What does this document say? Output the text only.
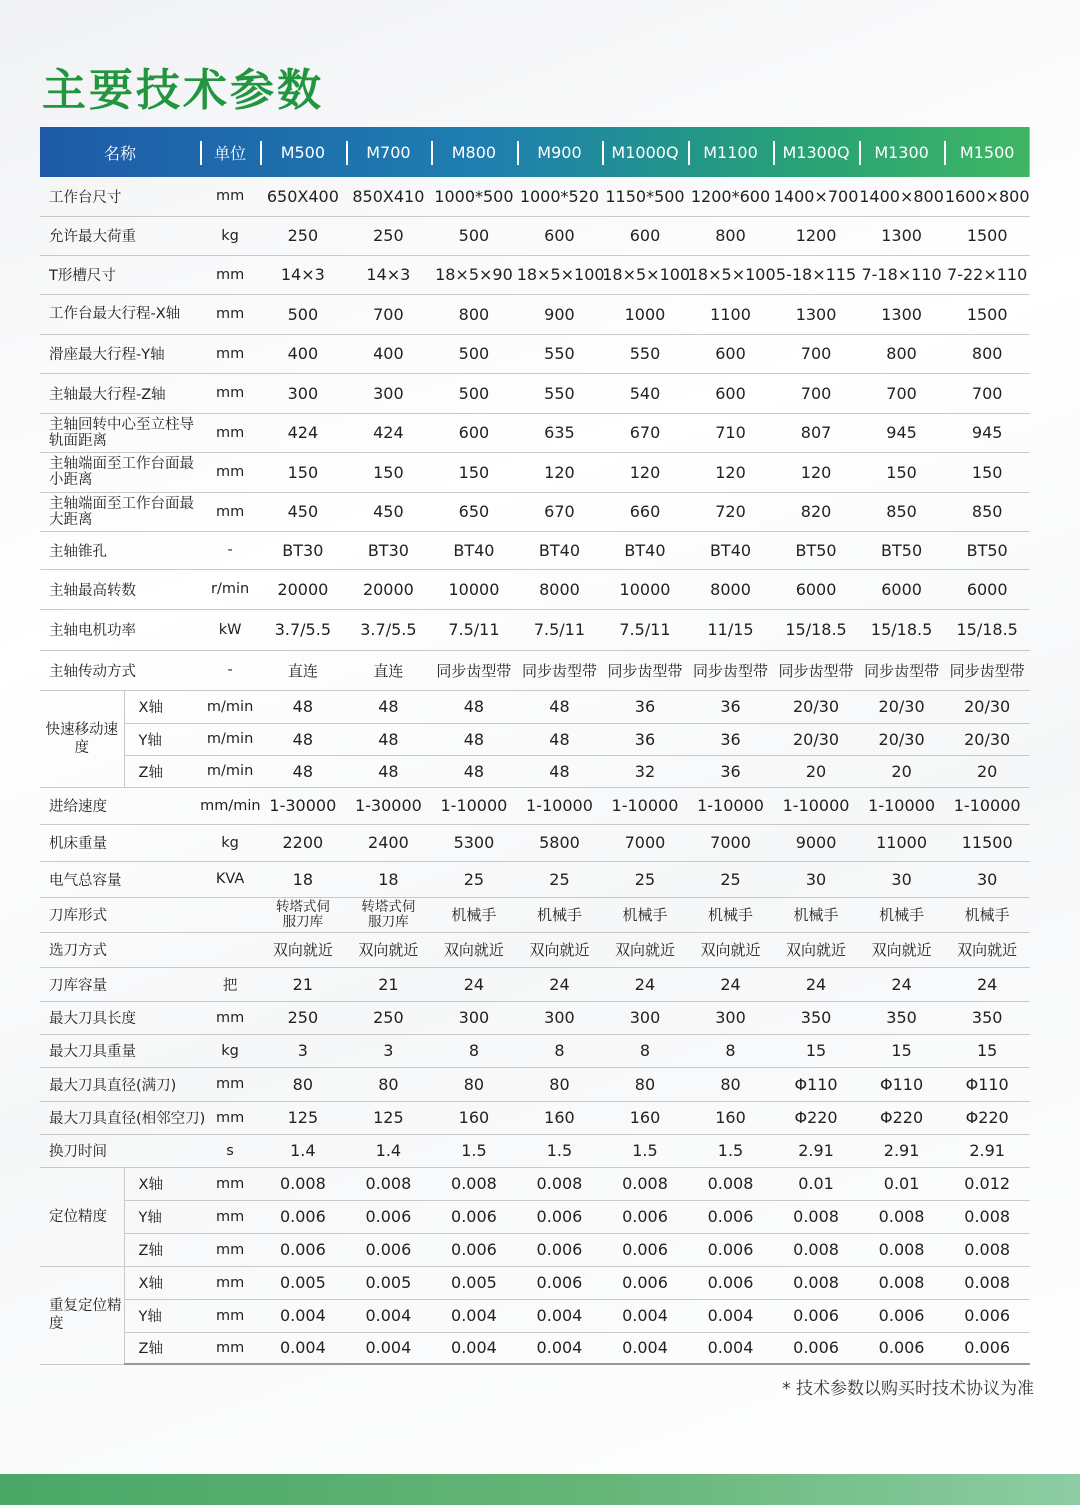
主要技术参数
名称		单位	M500	M700	M800	M900	M1000Q	M1100	M1300Q	M1300	M1500
工作台尺寸		mm	650X400	850X410	1000*500	1000*520	1150*500	1200*600	1400×700	1400×800	1600×800
允许最大荷重		kg	250	250	500	600	600	800	1200	1300	1500
T形槽尺寸		mm	14×3	14×3	18×5×90	18×5×100	18×5×100	18×5×100	5-18×115	7-18×110	7-22×110
工作台最大行程-X轴		mm	500	700	800	900	1000	1100	1300	1300	1500
滑座最大行程-Y轴		mm	400	400	500	550	550	600	700	800	800
主轴最大行程-Z轴		mm	300	300	500	550	540	600	700	700	700
主轴回转中心至立柱导轨面距离		mm	424	424	600	635	670	710	807	945	945
主轴端面至工作台面最小距离		mm	150	150	150	120	120	120	120	150	150
主轴端面至工作台面最大距离		mm	450	450	650	670	660	720	820	850	850
主轴锥孔		-	BT30	BT30	BT40	BT40	BT40	BT40	BT50	BT50	BT50
主轴最高转数		r/min	20000	20000	10000	8000	10000	8000	6000	6000	6000
主轴电机功率		kW	3.7/5.5	3.7/5.5	7.5/11	7.5/11	7.5/11	11/15	15/18.5	15/18.5	15/18.5
主轴传动方式		-	直连	直连	同步齿型带	同步齿型带	同步齿型带	同步齿型带	同步齿型带	同步齿型带	同步齿型带
快速移动速度	X轴	m/min	48	48	48	48	36	36	20/30	20/30	20/30
	Y轴	m/min	48	48	48	48	36	36	20/30	20/30	20/30
	Z轴	m/min	48	48	48	48	32	36	20	20	20
进给速度		mm/min	1-30000	1-30000	1-10000	1-10000	1-10000	1-10000	1-10000	1-10000	1-10000
机床重量		kg	2200	2400	5300	5800	7000	7000	9000	11000	11500
电气总容量		KVA	18	18	25	25	25	25	30	30	30
刀库形式			转塔式伺服刀库	转塔式伺服刀库	机械手	机械手	机械手	机械手	机械手	机械手	机械手
选刀方式			双向就近	双向就近	双向就近	双向就近	双向就近	双向就近	双向就近	双向就近	双向就近
刀库容量		把	21	21	24	24	24	24	24	24	24
最大刀具长度		mm	250	250	300	300	300	300	350	350	350
最大刀具重量		kg	3	3	8	8	8	8	15	15	15
最大刀具直径(满刀)		mm	80	80	80	80	80	80	Φ110	Φ110	Φ110
最大刀具直径(相邻空刀)		mm	125	125	160	160	160	160	Φ220	Φ220	Φ220
换刀时间		s	1.4	1.4	1.5	1.5	1.5	1.5	2.91	2.91	2.91
定位精度	X轴	mm	0.008	0.008	0.008	0.008	0.008	0.008	0.01	0.01	0.012
	Y轴	mm	0.006	0.006	0.006	0.006	0.006	0.006	0.008	0.008	0.008
	Z轴	mm	0.006	0.006	0.006	0.006	0.006	0.006	0.008	0.008	0.008
重复定位精度	X轴	mm	0.005	0.005	0.005	0.006	0.006	0.006	0.008	0.008	0.008
	Y轴	mm	0.004	0.004	0.004	0.004	0.004	0.004	0.006	0.006	0.006
	Z轴	mm	0.004	0.004	0.004	0.004	0.004	0.004	0.006	0.006	0.006
* 技术参数以购买时技术协议为准
